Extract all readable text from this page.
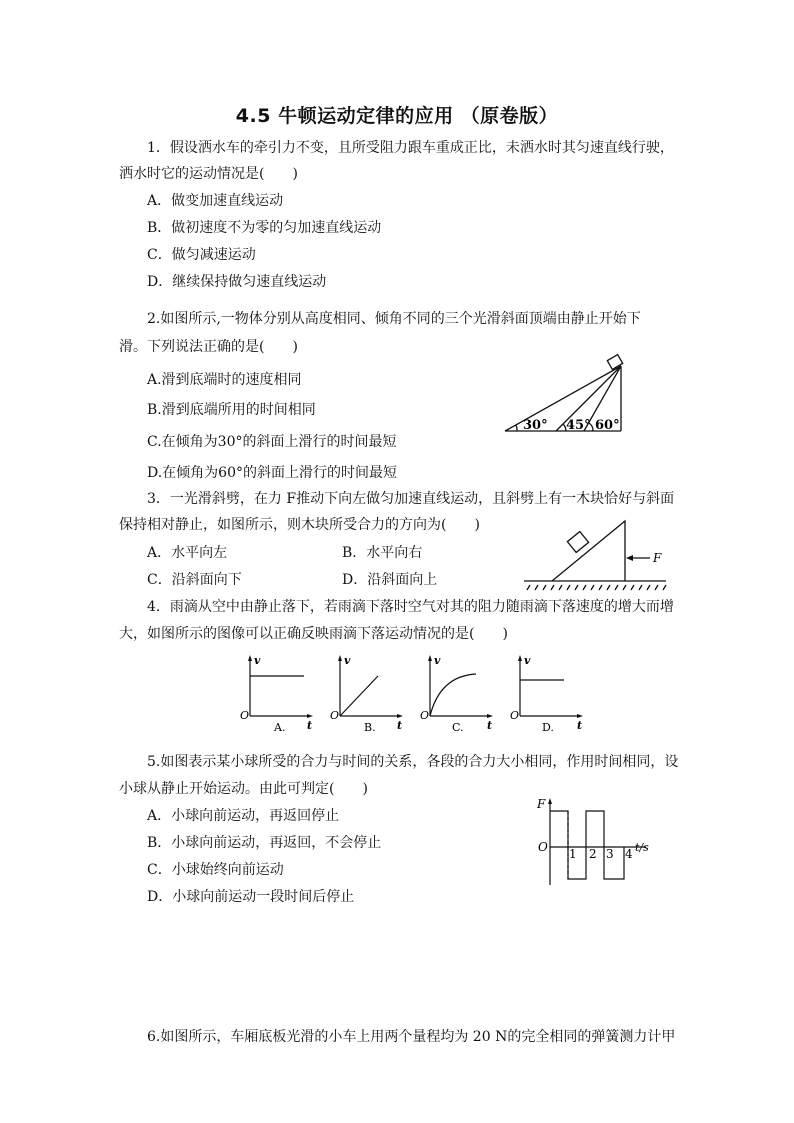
4.5 牛顿运动定律的应用 （原卷版）
1．假设洒水车的牵引力不变，且所受阻力跟车重成正比，未洒水时其匀速直线行驶，
洒水时它的运动情况是(　　)
A．做变加速直线运动
B．做初速度不为零的匀加速直线运动
C．做匀减速运动
D．继续保持做匀速直线运动
2.如图所示,一物体分别从高度相同、倾角不同的三个光滑斜面顶端由静止开始下
滑。下列说法正确的是(　　)
A.滑到底端时的速度相同
B.滑到底端所用的时间相同
C.在倾角为30°的斜面上滑行的时间最短
D.在倾角为60°的斜面上滑行的时间最短
30° 45° 60°
3．一光滑斜劈，在力 F推动下向左做匀加速直线运动，且斜劈上有一木块恰好与斜面
保持相对静止，如图所示，则木块所受合力的方向为(　　)
A．水平向左	B．水平向右
C．沿斜面向下	D．沿斜面向上
F
4．雨滴从空中由静止落下，若雨滴下落时空气对其的阻力随雨滴下落速度的增大而增
大，如图所示的图像可以正确反映雨滴下落运动情况的是(　　)
v
t
O
A.
v
t
O
B.
v
t
O
C.
v
t
O
D.
5.如图表示某小球所受的合力与时间的关系，各段的合力大小相同，作用时间相同，设
小球从静止开始运动。由此可判定(　　)
A．小球向前运动，再返回停止
B．小球向前运动，再返回，不会停止
C．小球始终向前运动
D．小球向前运动一段时间后停止
F
O 1 2 3 4 t/s
6.如图所示，车厢底板光滑的小车上用两个量程均为 20 N的完全相同的弹簧测力计甲
